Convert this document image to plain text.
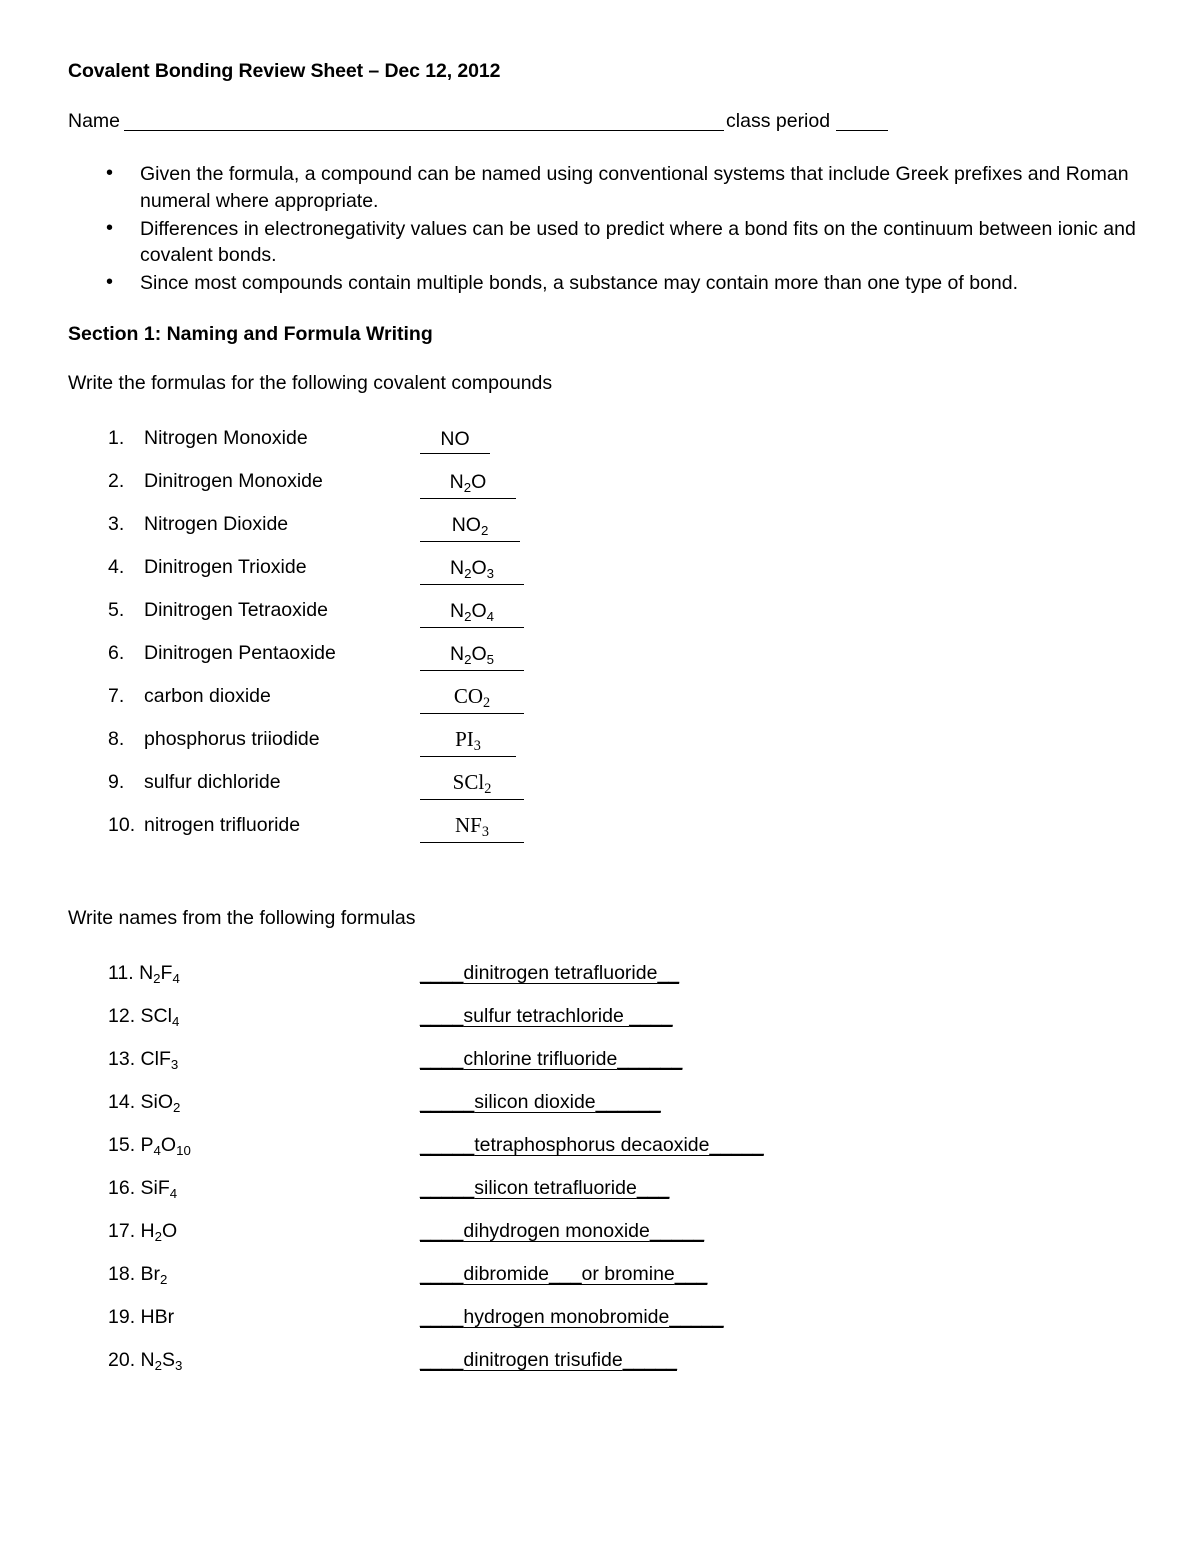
Covalent Bonding Review Sheet – Dec 12, 2012
Name	class period
• Given the formula, a compound can be named using conventional systems that include Greek prefixes and Roman numeral where appropriate.
• Differences in electronegativity values can be used to predict where a bond fits on the continuum between ionic and covalent bonds.
• Since most compounds contain multiple bonds, a substance may contain more than one type of bond.
Section 1: Naming and Formula Writing
Write the formulas for the following covalent compounds
1.	Nitrogen Monoxide	NO
2.	Dinitrogen Monoxide	$N_2O$
3.	Nitrogen Dioxide	$NO_2$
4.	Dinitrogen Trioxide	$N_2O_3$
5.	Dinitrogen Tetraoxide	$N_2O_4$
6.	Dinitrogen Pentaoxide	$N_2O_5$
7.	carbon dioxide	$CO_2$
8.	phosphorus triiodide	$PI_3$
9.	sulfur dichloride	SCl$_2$
10. nitrogen trifluoride	$NF_3$
Write names from the following formulas
11. $N_2F_4$	____dinitrogen tetrafluoride__
12. SCl$_4$	____sulfur tetrachloride ____
13. ClF$_3$	____chlorine trifluoride______
14. SiO$_2$	_____silicon dioxide______
15. $P_4O_{10}$	_____tetraphosphorus decaoxide_____
16. SiF$_4$	_____silicon tetrafluoride___
17. $H_2O$	____dihydrogen monoxide_____
18. $Br_2$	____dibromide___or bromine___
19. HBr	____hydrogen monobromide_____
20. $N_2S_3$	____dinitrogen trisufide_____
